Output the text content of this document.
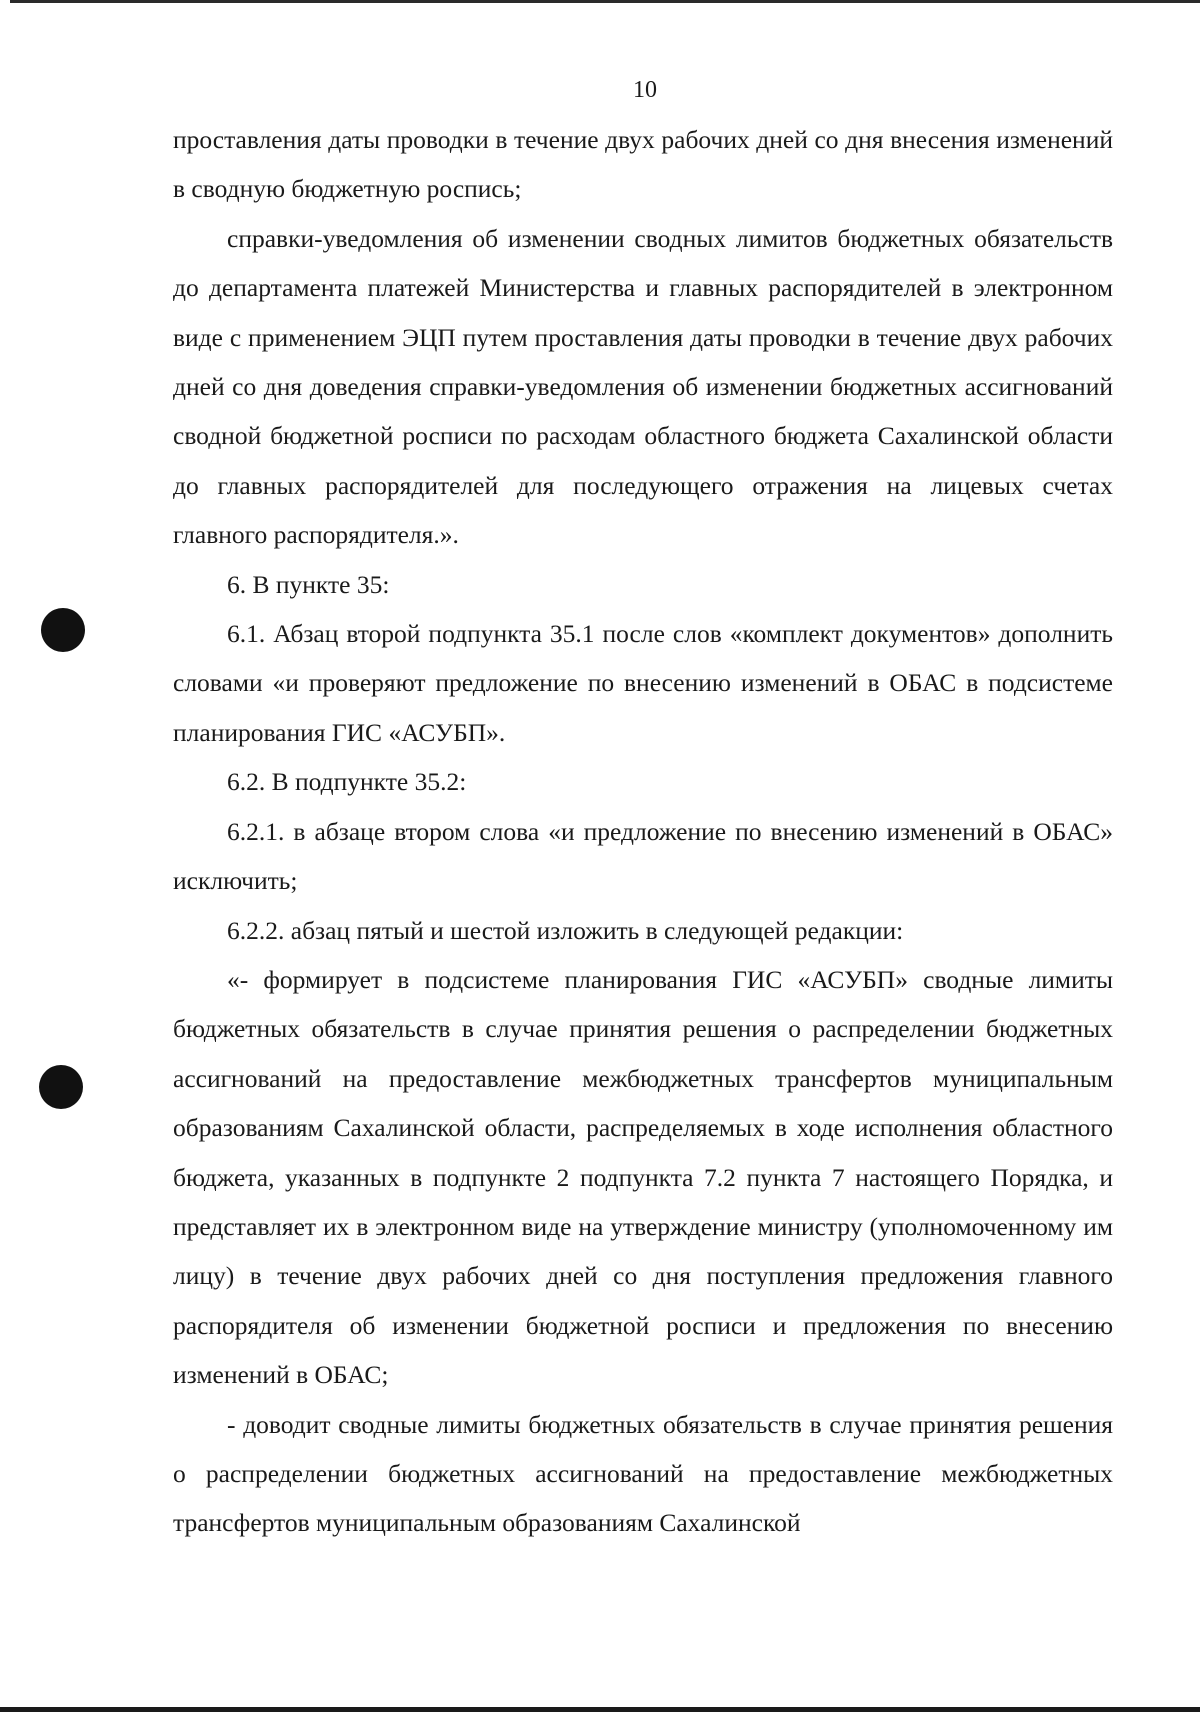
10

проставления даты проводки в течение двух рабочих дней со дня внесения изменений в сводную бюджетную роспись;

справки-уведомления об изменении сводных лимитов бюджетных обязательств до департамента платежей Министерства и главных распорядителей в электронном виде с применением ЭЦП путем проставления даты проводки в течение двух рабочих дней со дня доведения справки-уведомления об изменении бюджетных ассигнований сводной бюджетной росписи по расходам областного бюджета Сахалинской области до главных распорядителей для последующего отражения на лицевых счетах главного распорядителя.».

6. В пункте 35:

6.1. Абзац второй подпункта 35.1 после слов «комплект документов» дополнить словами «и проверяют предложение по внесению изменений в ОБАС в подсистеме планирования ГИС «АСУБП».

6.2. В подпункте 35.2:

6.2.1. в абзаце втором слова «и предложение по внесению изменений в ОБАС» исключить;

6.2.2. абзац пятый и шестой изложить в следующей редакции:

«- формирует в подсистеме планирования ГИС «АСУБП» сводные лимиты бюджетных обязательств в случае принятия решения о распределении бюджетных ассигнований на предоставление межбюджетных трансфертов муниципальным образованиям Сахалинской области, распределяемых в ходе исполнения областного бюджета, указанных в подпункте 2 подпункта 7.2 пункта 7 настоящего Порядка, и представляет их в электронном виде на утверждение министру (уполномоченному им лицу) в течение двух рабочих дней со дня поступления предложения главного распорядителя об изменении бюджетной росписи и предложения по внесению изменений в ОБАС;

- доводит сводные лимиты бюджетных обязательств в случае принятия решения о распределении бюджетных ассигнований на предоставление межбюджетных трансфертов муниципальным образованиям Сахалинской
